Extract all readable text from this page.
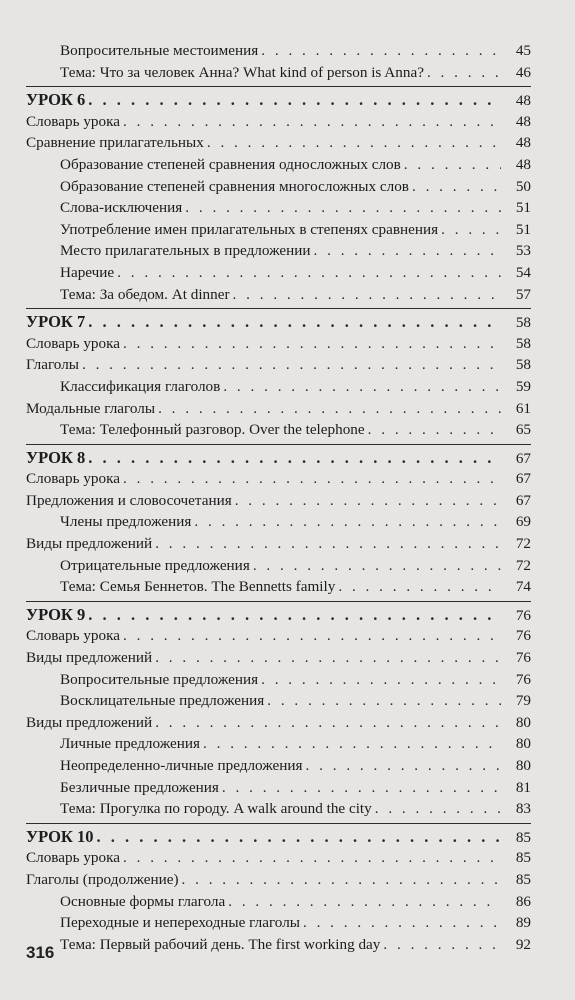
Вопросительные местоимения . . .	45
Тема: Что за человек Анна? What kind of person is Anna? . . .	46
УРОК 6 . . .	48
Словарь урока . . .	48
Сравнение прилагательных . . .	48
Образование степеней сравнения односложных слов . . .	48
Образование степеней сравнения многосложных слов . . .	50
Слова-исключения . . .	51
Употребление имен прилагательных в степенях сравнения . . .	51
Место прилагательных в предложении . . .	53
Наречие . . .	54
Тема: За обедом. At dinner . . .	57
УРОК 7 . . .	58
Словарь урока . . .	58
Глаголы . . .	58
Классификация глаголов . . .	59
Модальные глаголы . . .	61
Тема: Телефонный разговор. Over the telephone . . .	65
УРОК 8 . . .	67
Словарь урока . . .	67
Предложения и словосочетания . . .	67
Члены предложения . . .	69
Виды предложений . . .	72
Отрицательные предложения . . .	72
Тема: Семья Беннетов. The Bennetts family . . .	74
УРОК 9 . . .	76
Словарь урока . . .	76
Виды предложений . . .	76
Вопросительные предложения . . .	76
Восклицательные предложения . . .	79
Виды предложений . . .	80
Личные предложения . . .	80
Неопределенно-личные предложения . . .	80
Безличные предложения . . .	81
Тема: Прогулка по городу. A walk around the city . . .	83
УРОК 10 . . .	85
Словарь урока . . .	85
Глаголы (продолжение) . . .	85
Основные формы глагола . . .	86
Переходные и непереходные глаголы . . .	89
Тема: Первый рабочий день. The first working day . . .	92
316
